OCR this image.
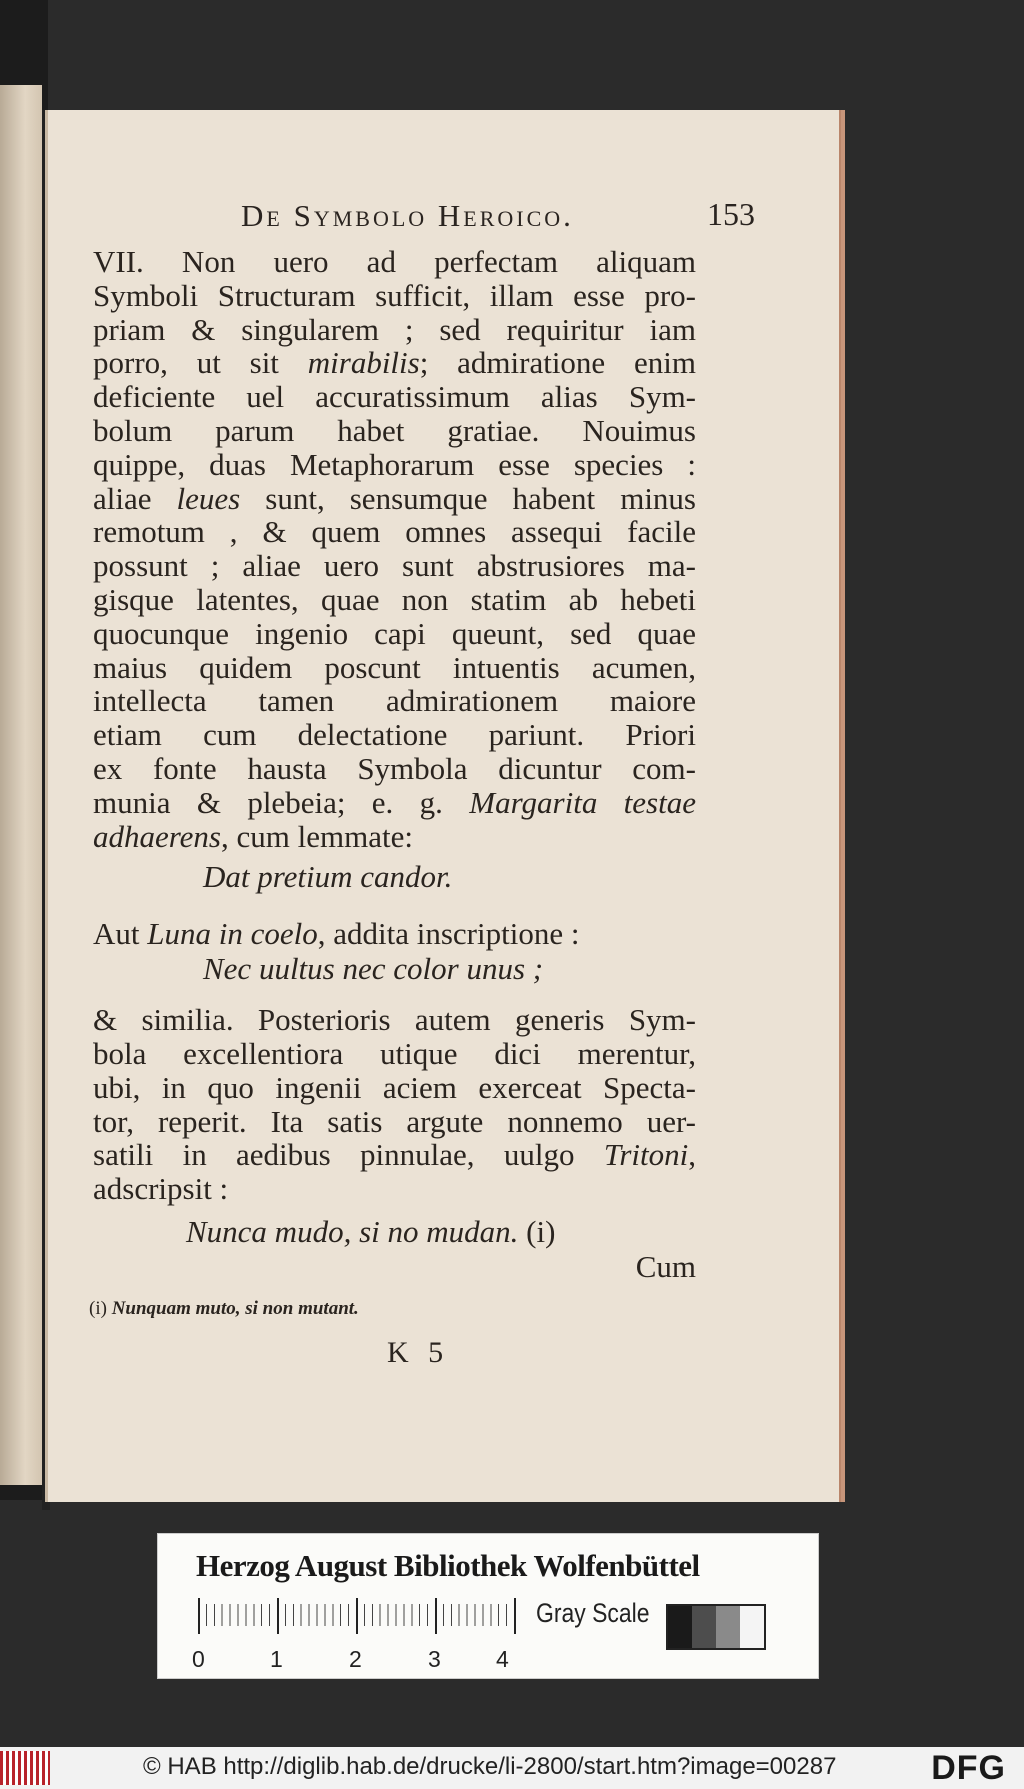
De Symbolo Heroico.	153
VII. Non uero ad perfectam aliquam
Symboli Structuram sufficit, illam esse pro-
priam & singularem ; sed requiritur iam
porro, ut sit mirabilis; admiratione enim
deficiente uel accuratissimum alias Sym-
bolum parum habet gratiae. Nouimus
quippe, duas Metaphorarum esse species :
aliae leues sunt, sensumque habent minus
remotum , & quem omnes assequi facile
possunt ; aliae uero sunt abstrusiores ma-
gisque latentes, quae non statim ab hebeti
quocunque ingenio capi queunt, sed quae
maius quidem poscunt intuentis acumen,
intellecta tamen admirationem maiore
etiam cum delectatione pariunt. Priori
ex fonte hausta Symbola dicuntur com-
munia & plebeia; e. g. Margarita testae
adhaerens, cum lemmate:
Dat pretium candor.
Aut Luna in coelo, addita inscriptione :
Nec uultus nec color unus ;
& similia. Posterioris autem generis Sym-
bola excellentiora utique dici merentur,
ubi, in quo ingenii aciem exerceat Specta-
tor, reperit. Ita satis argute nonnemo uer-
satili in aedibus pinnulae, uulgo Tritoni,
adscripsit :
Nunca mudo, si no mudan. (i)
Cum
(i) Nunquam muto, si non mutant.
K 5
Herzog August Bibliothek Wolfenbüttel
0	1	2	3 4
Gray Scale
© HAB http://diglib.hab.de/drucke/li-2800/start.htm?image=00287	DFG
